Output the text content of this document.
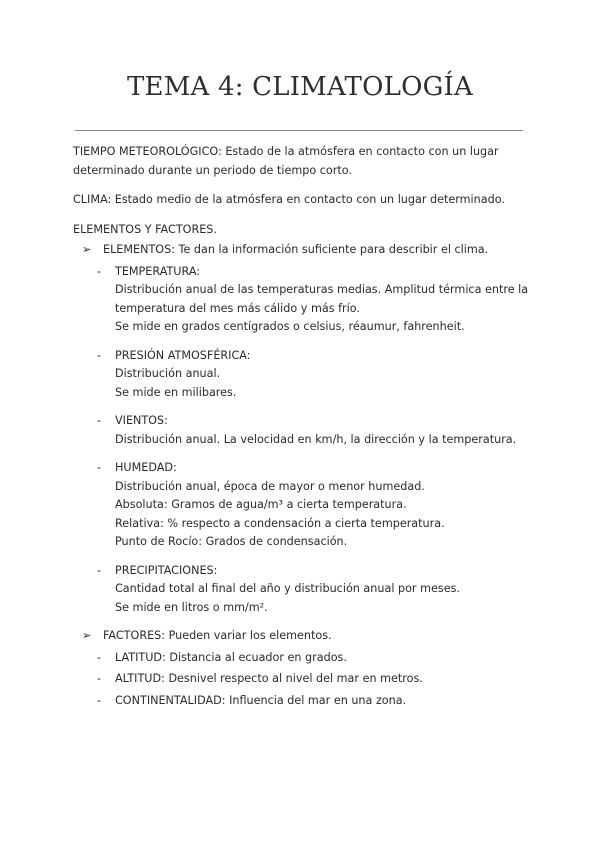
TEMA 4: CLIMATOLOGÍA

TIEMPO METEOROLÓGICO: Estado de la atmósfera en contacto con un lugar determinado durante un periodo de tiempo corto.

CLIMA: Estado medio de la atmósfera en contacto con un lugar determinado.

ELEMENTOS Y FACTORES.

➢ ELEMENTOS: Te dan la información suficiente para describir el clima.
- TEMPERATURA:

Distribución anual de las temperaturas medias. Amplitud térmica entre la temperatura del mes más cálido y más frío.

Se mide en grados centígrados o celsius, réaumur, fahrenheit.

- PRESIÓN ATMOSFÉRICA:

Distribución anual.

Se mide en milibares.

- VIENTOS:

Distribución anual. La velocidad en km/h, la dirección y la temperatura.

- HUMEDAD:

Distribución anual, época de mayor o menor humedad.

Absoluta: Gramos de agua/m³ a cierta temperatura.

Relativa: % respecto a condensación a cierta temperatura.

Punto de Rocío: Grados de condensación.

- PRECIPITACIONES:

Cantidad total al final del año y distribución anual por meses.

Se mide en litros o mm/m².

➢ FACTORES: Pueden variar los elementos.
- LATITUD: Distancia al ecuador en grados.

- ALTITUD: Desnivel respecto al nivel del mar en metros.

- CONTINENTALIDAD: Influencia del mar en una zona.
